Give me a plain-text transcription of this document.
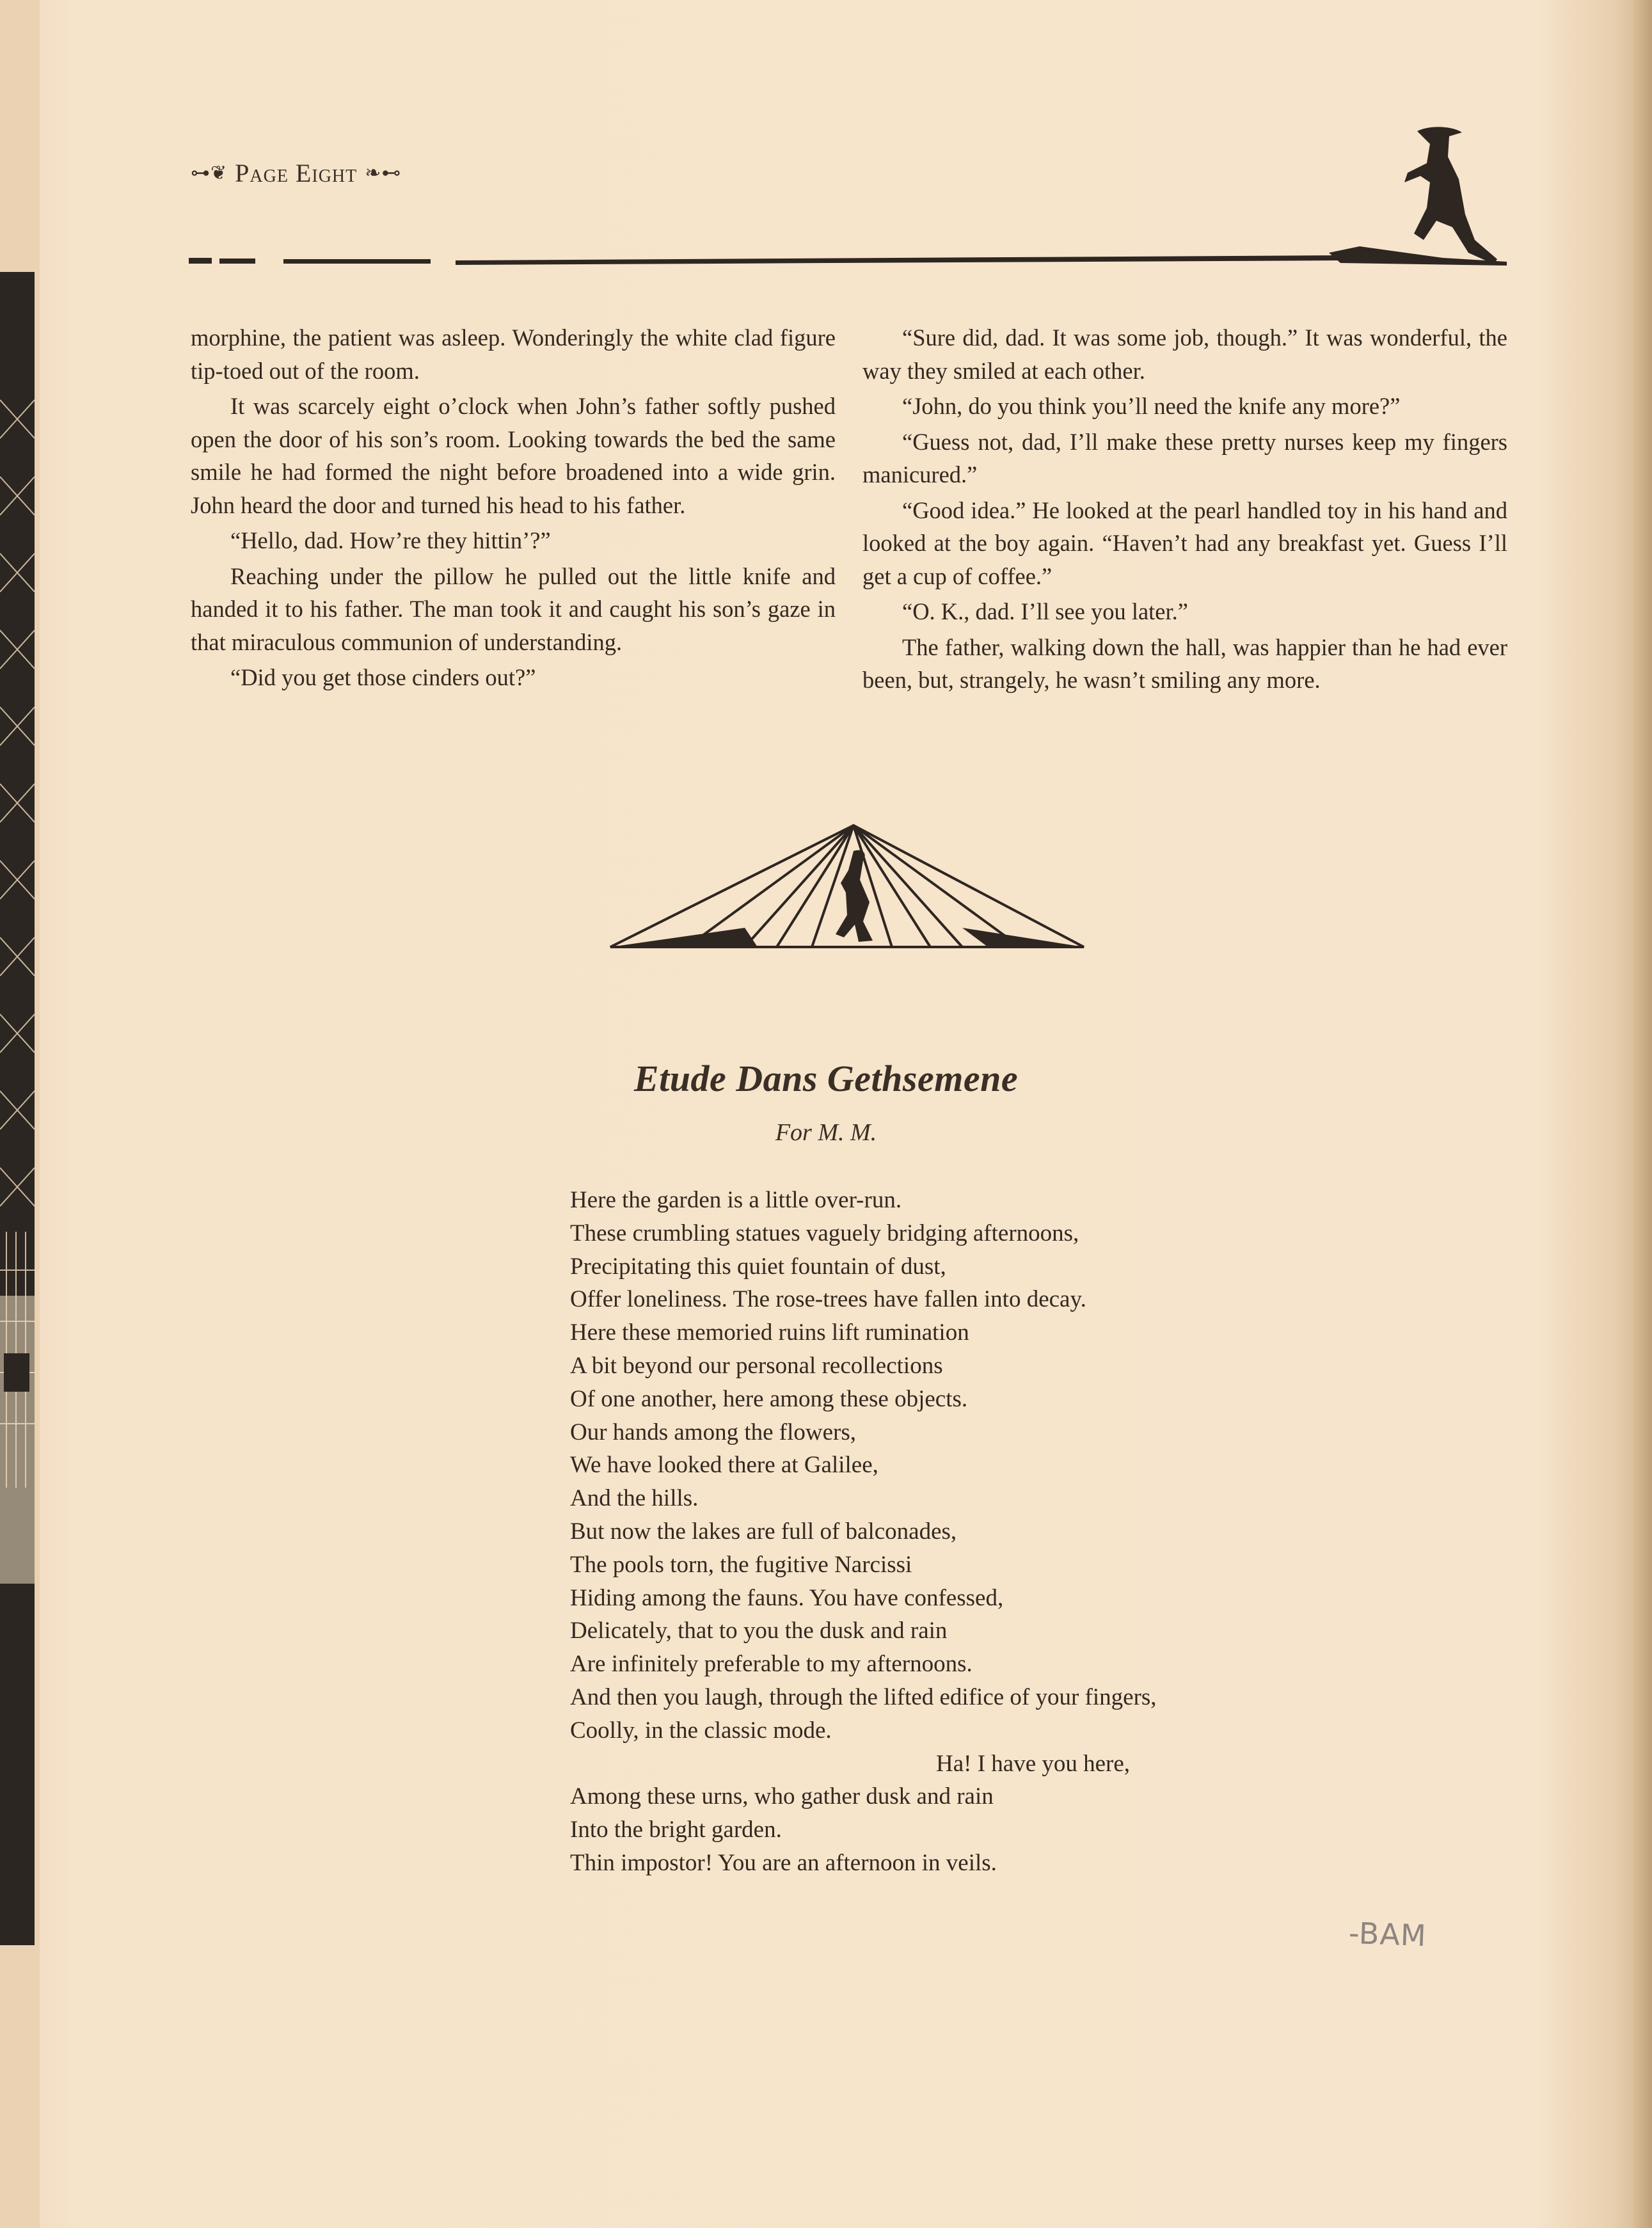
⊶❦ Page Eight ❧⊷

morphine, the patient was asleep. Wonderingly the white clad figure tip-toed out of the room.

It was scarcely eight o’clock when John’s father softly pushed open the door of his son’s room. Looking towards the bed the same smile he had formed the night before broadened into a wide grin. John heard the door and turned his head to his father.

“Hello, dad. How’re they hittin’?”

Reaching under the pillow he pulled out the little knife and handed it to his father. The man took it and caught his son’s gaze in that miraculous communion of understanding.

“Did you get those cinders out?”

“Sure did, dad. It was some job, though.” It was wonderful, the way they smiled at each other.

“John, do you think you’ll need the knife any more?”

“Guess not, dad, I’ll make these pretty nurses keep my fingers manicured.”

“Good idea.” He looked at the pearl handled toy in his hand and looked at the boy again. “Haven’t had any breakfast yet. Guess I’ll get a cup of coffee.”

“O. K., dad. I’ll see you later.”

The father, walking down the hall, was happier than he had ever been, but, strangely, he wasn’t smiling any more.

Etude Dans Gethsemene
For M. M.
Here the garden is a little over-run.
These crumbling statues vaguely bridging afternoons,
Precipitating this quiet fountain of dust,
Offer loneliness. The rose-trees have fallen into decay.
Here these memoried ruins lift rumination
A bit beyond our personal recollections
Of one another, here among these objects.
Our hands among the flowers,
We have looked there at Galilee,
And the hills.
But now the lakes are full of balconades,
The pools torn, the fugitive Narcissi
Hiding among the fauns. You have confessed,
Delicately, that to you the dusk and rain
Are infinitely preferable to my afternoons.
And then you laugh, through the lifted edifice of your fingers,
Coolly, in the classic mode.
Ha! I have you here,
Among these urns, who gather dusk and rain
Into the bright garden.
Thin impostor! You are an afternoon in veils.
-BAM
